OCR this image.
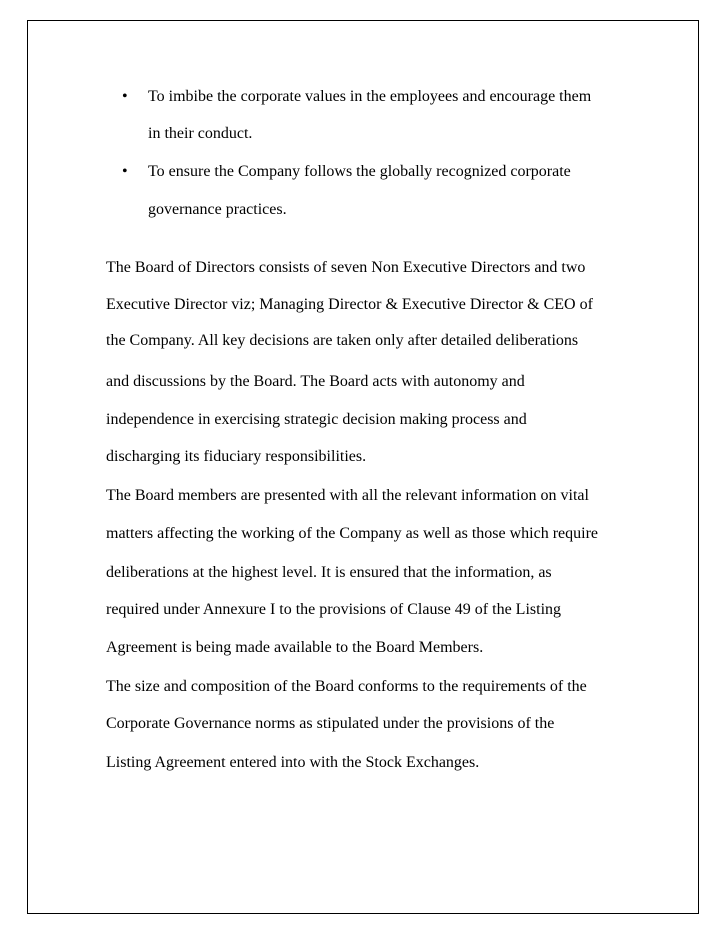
• To imbibe the corporate values in the employees and encourage them
in their conduct.
• To ensure the Company follows the globally recognized corporate
governance practices.
The Board of Directors consists of seven Non Executive Directors and two
Executive Director viz; Managing Director & Executive Director & CEO of
the Company. All key decisions are taken only after detailed deliberations
and discussions by the Board. The Board acts with autonomy and
independence in exercising strategic decision making process and
discharging its fiduciary responsibilities.
The Board members are presented with all the relevant information on vital
matters affecting the working of the Company as well as those which require
deliberations at the highest level. It is ensured that the information, as
required under Annexure I to the provisions of Clause 49 of the Listing
Agreement is being made available to the Board Members.
The size and composition of the Board conforms to the requirements of the
Corporate Governance norms as stipulated under the provisions of the
Listing Agreement entered into with the Stock Exchanges.
